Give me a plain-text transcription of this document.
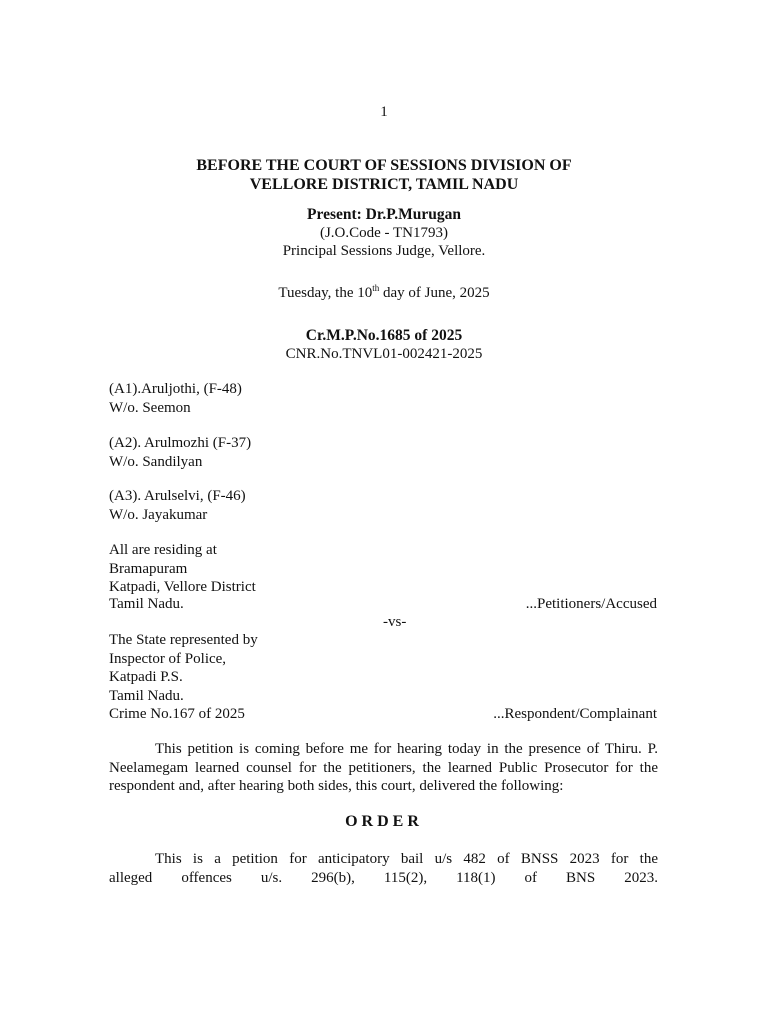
1
BEFORE THE COURT OF SESSIONS DIVISION OF
VELLORE DISTRICT, TAMIL NADU
Present: Dr.P.Murugan
(J.O.Code - TN1793)
Principal Sessions Judge, Vellore.
Tuesday, the 10th day of June, 2025
Cr.M.P.No.1685 of 2025
CNR.No.TNVL01-002421-2025
(A1).Aruljothi, (F-48)
W/o. Seemon
(A2). Arulmozhi (F-37)
W/o. Sandilyan
(A3). Arulselvi, (F-46)
W/o. Jayakumar
All are residing at
Bramapuram
Katpadi, Vellore District
Tamil Nadu.	...Petitioners/Accused
-vs-
The State represented by
Inspector of Police,
Katpadi P.S.
Tamil Nadu.
Crime No.167 of 2025	...Respondent/Complainant
This petition is coming before me for hearing today in the presence of Thiru. P. Neelamegam learned counsel for the petitioners, the learned Public Prosecutor for the respondent and, after hearing both sides, this court, delivered the following:
ORDER
This is a petition for anticipatory bail u/s 482 of BNSS 2023 for the
alleged offences u/s. 296(b), 115(2), 118(1) of BNS 2023.
